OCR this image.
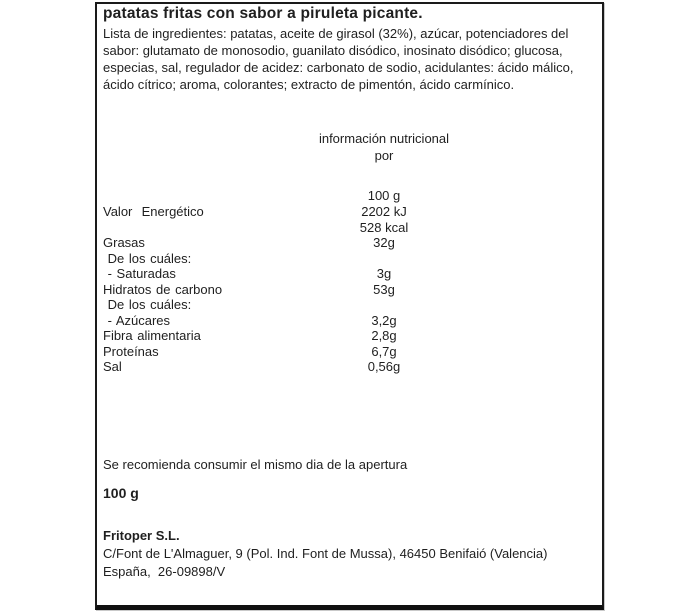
patatas fritas con sabor a piruleta picante.

Lista de ingredientes: patatas, aceite de girasol (32%), azúcar, potenciadores del sabor: glutamato de monosodio, guanilato disódico, inosinato disódico; glucosa, especias, sal, regulador de acidez: carbonato de sodio, acidulantes: ácido málico, ácido cítrico; aroma, colorantes; extracto de pimentón, ácido carmínico.

información nutricional
por
100 g
Valor  Energético	2202 kJ
528 kcal
Grasas	32g
De los cuáles:
- Saturadas	3g
Hidratos de carbono	53g
De los cuáles:
- Azúcares	3,2g
Fibra alimentaria	2,8g
Proteínas	6,7g
Sal	0,56g

Se recomienda consumir el mismo dia de la apertura

100 g

Fritoper S.L.

C/Font de L'Almaguer, 9 (Pol. Ind. Font de Mussa), 46450 Benifaió (Valencia)

España,  26-09898/V
